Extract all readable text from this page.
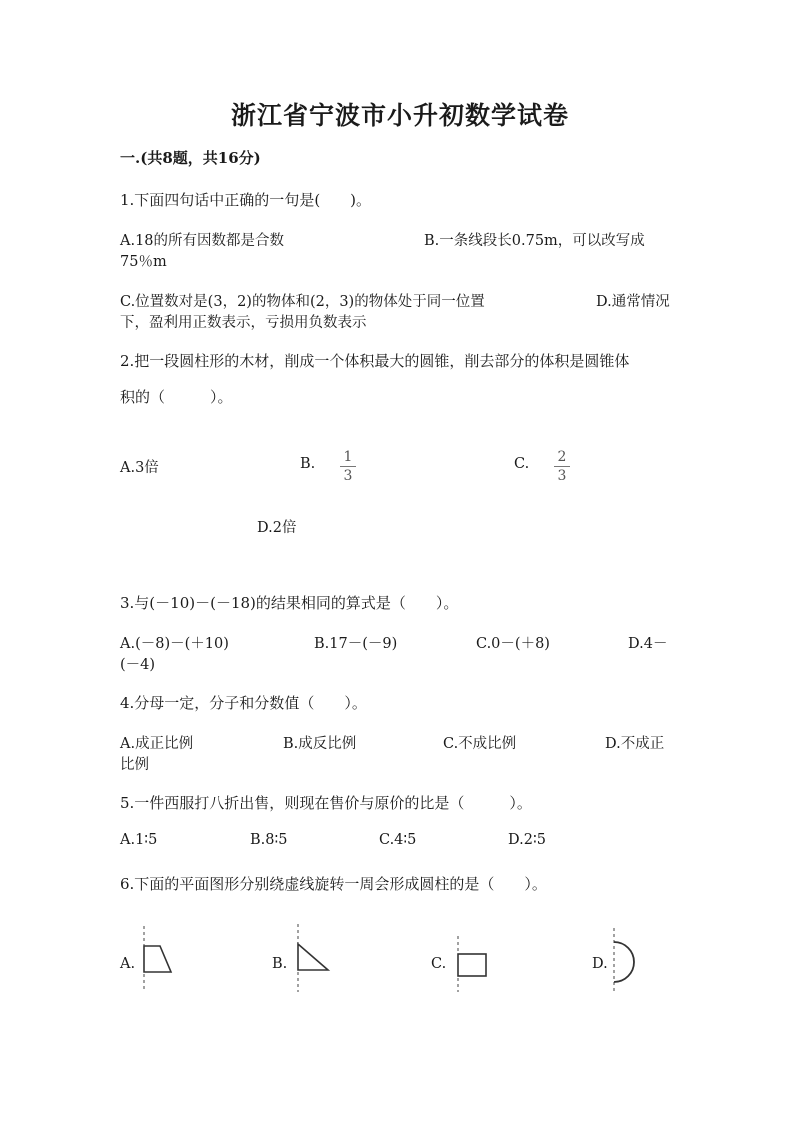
浙江省宁波市小升初数学试卷
一.(共8题，共16分)
1.下面四句话中正确的一句是(　　)。
A.18的所有因数都是合数	B.一条线段长0.75m，可以改写成
75％m
C.位置数对是(3，2)的物体和(2，3)的物体处于同一位置	D.通常情况
下，盈利用正数表示，亏损用负数表示
2.把一段圆柱形的木材，削成一个体积最大的圆锥，削去部分的体积是圆锥体
积的（　　　）。
A.3倍	B. 1
3
C. 2
3
D.2倍
3.与(－10)－(－18)的结果相同的算式是（　　）。
A.(－8)－(＋10)	B.17－(－9)	C.0－(＋8)	D.4－
(－4)
4.分母一定，分子和分数值（　　）。
A.成正比例	B.成反比例	C.不成比例	D.不成正
比例
5.一件西服打八折出售，则现在售价与原价的比是（　　　）。
A.1∶5	B.8∶5	C.4∶5	D.2∶5
6.下面的平面图形分别绕虚线旋转一周会形成圆柱的是（　　）。
A.	B.	C.	D.
